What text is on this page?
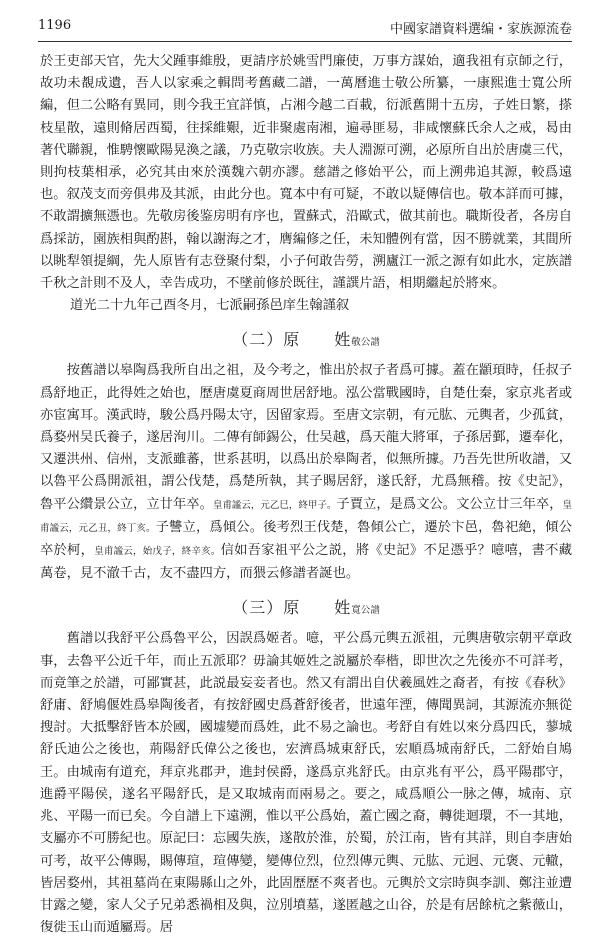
1196	中國家譜資料選编・家族源流卷

於王吏部天官，先大父踵事維殷，更請序於姚雪門廉使，万事方謀始，適我祖有京師之行，故功未覩成遺，吾人以家乘之輯問考舊藏二譜，一萬曆進士敬公所纂，一康熙進士寬公所編，但二公略有異同，則今我王宜詳慎，占湘今越二百載，衍派舊開十五房，子姓日繁，搽枝星散，遠則脩居西蜀，往採維艱，近非聚處南湘，遍尋匪易，非咸懷蘇氏余人之戒，曷由著代聯親，惟騁懷歐陽晃渙之議，乃克敬宗收族。夫人淵源可溯，必原所自出於唐虞三代，則拘枝葉相承，必究其由來於漢魏六朝亦謬。慈譜之修始平公，而上溯弗追其源，較爲遠也。叙茂支而旁俱弗及其派，由此分也。寬本中有可疑，不敢以疑傳信也。敬本詳而可據，不敢謂擴無憑也。先敬房後鉴房明有序也，置蘇式，沿歐式，做其前也。職斯役者，各房自爲採訪，園族相與酌斟，翰以謝海之才，膺編修之任，未知體例有當，因不勝就業，其間所以眺犁領提綱，先人原皆有志登聚付梨，小子何敢告勞，溯廬江一派之源有如此水，定族譜千秋之計則不及人，幸告成功，不墜前修於既往，謹譔片語，相期繼起於將來。

道光二十九年己酉冬月，七派嗣孫邑庠生翰謹叙

（二）原 姓敬公譜

按舊譜以皋陶爲我所自出之祖，及今考之，惟出於叔子者爲可據。蓋在顓頊時，任叔子爲舒地正，此得姓之始也，歷唐虞夏商周世居舒地。泓公當戰國時，自楚仕秦，家京兆者或亦宦寓耳。漢武時，駿公爲丹陽太守，因留家焉。至唐文宗朝，有元肱、元輿者，少孤貧，爲婺州吴氏養子，遂居洵川。二傳有師錫公，仕吴越，爲天龍大將軍，子孫居鄞，遷奉化，又遷洪州、信州，支派雖蕃，世系甚明，以爲出於皋陶者，似無所據。乃吾先世所收譜，又以魯平公爲開派祖，謂公伐楚，爲楚所執，其子賜居舒，遂氏舒，尤爲無稽。按《史記》，魯平公纘景公立，立廿年卒。皇甫謐云，元乙巳，終甲子。子賈立，是爲文公。文公立廿三年卒，皇甫謐云，元乙丑，終丁亥。子讐立，爲傾公。後考烈王伐楚，魯傾公亡，遷於卞邑，魯祀絶，傾公卒於柯，皇甫謐云，始戊子，終辛亥。信如吾家祖平公之説，將《史記》不足憑乎？噫嘻，書不藏萬卷，見不澈千古，友不盡四方，而猥云修譜者誕也。

（三）原 姓寬公譜

舊譜以我舒平公爲魯平公，因誤爲姬者。噫，平公爲元輿五派祖，元輿唐敬宗朝平章政事，去魯平公近千年，而止五派耶？毋論其姬姓之説屬於奉楷，即世次之先後亦不可詳考，而竟筆之於譜，可鄙實甚，此説最妄妾者也。然又有謂出自伏羲風姓之裔者，有按《春秋》舒庸、舒鳩偃姓爲皋陶後者，有按舒國史爲蒼舒後者，世遠年湮，傳聞異詞，其源流亦無從搜討。大抵擊舒皆本於國，國墟變而爲姓，此不易之論也。考舒自有姓以來分爲四氏，蓼城舒氏迪公之後也，荊陽舒氏偉公之後也，宏濟爲城東舒氏，宏順爲城南舒氏，二舒始自鳩王。由城南有道充，拜京兆郡尹，進封侯爵，遂爲京兆舒氏。由京兆有平公，爲平陽郡守，進爵平陽侯，遂名平陽舒氏，是又取城南而兩易之。要之，咸爲順公一脉之傳，城南、京兆、平陽一而已矣。今自譜上下遠溯，惟以平公爲始，蓋亡國之裔，轉徙迴環，不一其地，支屬亦不可勝紀也。原記曰：忘國失族，遂散於淮，於蜀，於江南，皆有其詳，則自李唐始可考，故平公傳賜，賜傳瑄，瑄傳變，變傳位烈，位烈傳元輿、元肱、元迥、元褒、元轍，皆居婺州，其祖墓尚在東陽縣山之外，此固歷歷不爽者也。元輿於文宗時與李訓、鄭注並遭甘露之變，家人父子兄弟悉禍相及與，泣別墳墓，遂匿越之山谷，於是有居餘杭之紫薇山，復徙玉山而遁屬焉。居
